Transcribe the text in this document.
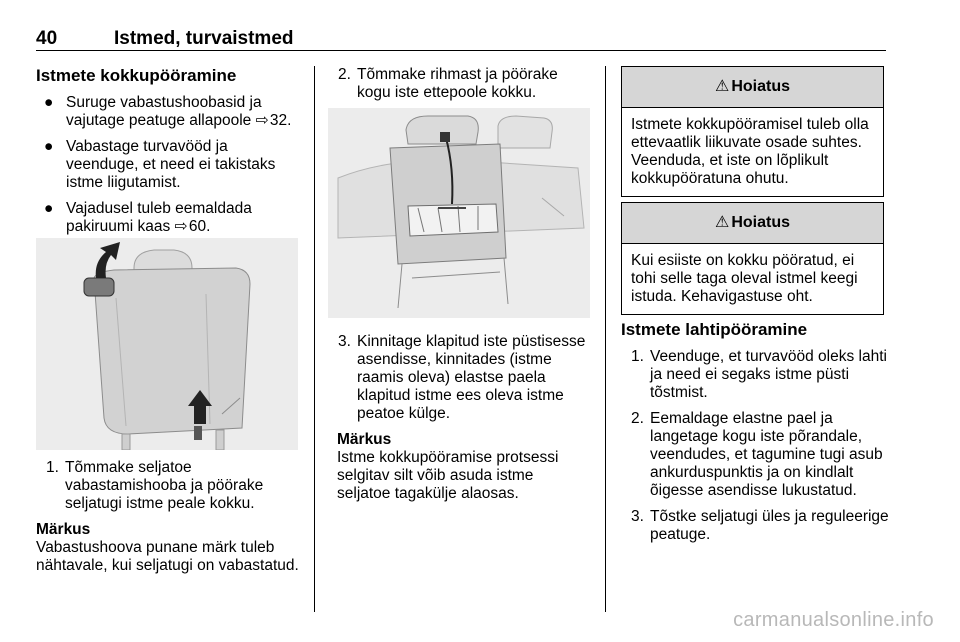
40	Istmed, turvaistmed
Istmete kokkupööramine
● Suruge vabastushoobasid ja vajutage peatuge allapoole ⇨ 32.
● Vabastage turvavööd ja veenduge, et need ei takistaks istme liigutamist.
● Vajadusel tuleb eemaldada pakiruumi kaas ⇨ 60.
1. Tõmmake seljatoe vabastamishooba ja pöörake seljatugi istme peale kokku.
Märkus
Vabastushoova punane märk tuleb nähtavale, kui seljatugi on vabastatud.
2. Tõmmake rihmast ja pöörake kogu iste ettepoole kokku.
3. Kinnitage klapitud iste püstisesse asendisse, kinnitades (istme raamis oleva) elastse paela klapitud istme ees oleva istme peatoe külge.
Märkus
Istme kokkupööramise protsessi selgitav silt võib asuda istme seljatoe tagakülje alaosas.
⚠ Hoiatus
Istmete kokkupööramisel tuleb olla ettevaatlik liikuvate osade suhtes. Veenduda, et iste on lõplikult kokkupööratuna ohutu.
⚠ Hoiatus
Kui esiiste on kokku pööratud, ei tohi selle taga oleval istmel keegi istuda. Kehavigastuse oht.
Istmete lahtipööramine
1. Veenduge, et turvavööd oleks lahti ja need ei segaks istme püsti tõstmist.
2. Eemaldage elastne pael ja langetage kogu iste põrandale, veendudes, et tagumine tugi asub ankurduspunktis ja on kindlalt õigesse asendisse lukustatud.
3. Tõstke seljatugi üles ja reguleerige peatuge.
carmanualsonline.info
